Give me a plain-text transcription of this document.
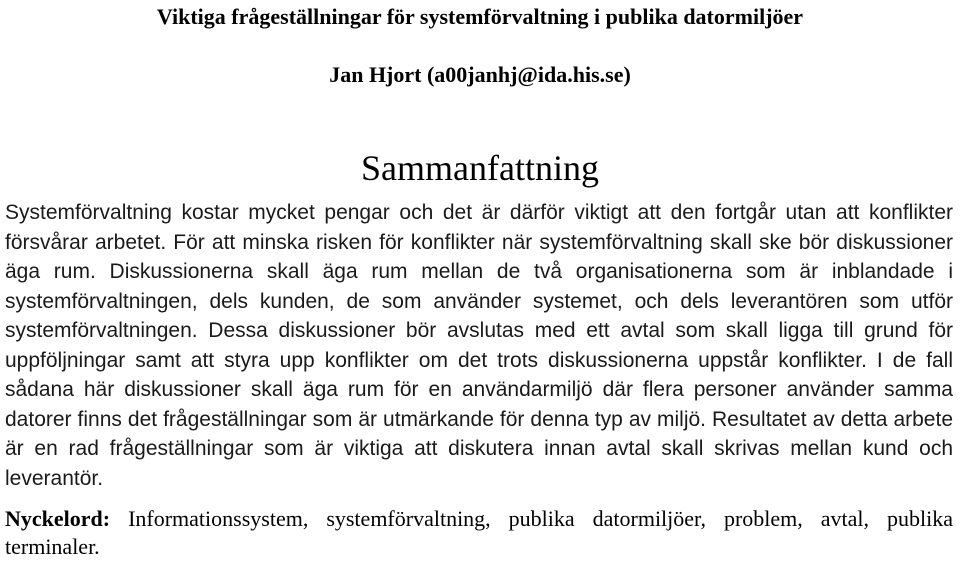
Viktiga frågeställningar för systemförvaltning i publika datormiljöer
Jan Hjort (a00janhj@ida.his.se)
Sammanfattning

Systemförvaltning kostar mycket pengar och det är därför viktigt att den fortgår utan att konflikter försvårar arbetet. För att minska risken för konflikter när systemförvaltning skall ske bör diskussioner äga rum. Diskussionerna skall äga rum mellan de två organisationerna som är inblandade i systemförvaltningen, dels kunden, de som använder systemet, och dels leverantören som utför systemförvaltningen. Dessa diskussioner bör avslutas med ett avtal som skall ligga till grund för uppföljningar samt att styra upp konflikter om det trots diskussionerna uppstår konflikter. I de fall sådana här diskussioner skall äga rum för en användarmiljö där flera personer använder samma datorer finns det frågeställningar som är utmärkande för denna typ av miljö. Resultatet av detta arbete är en rad frågeställningar som är viktiga att diskutera innan avtal skall skrivas mellan kund och leverantör.

Nyckelord: Informationssystem, systemförvaltning, publika datormiljöer, problem, avtal, publika terminaler.
